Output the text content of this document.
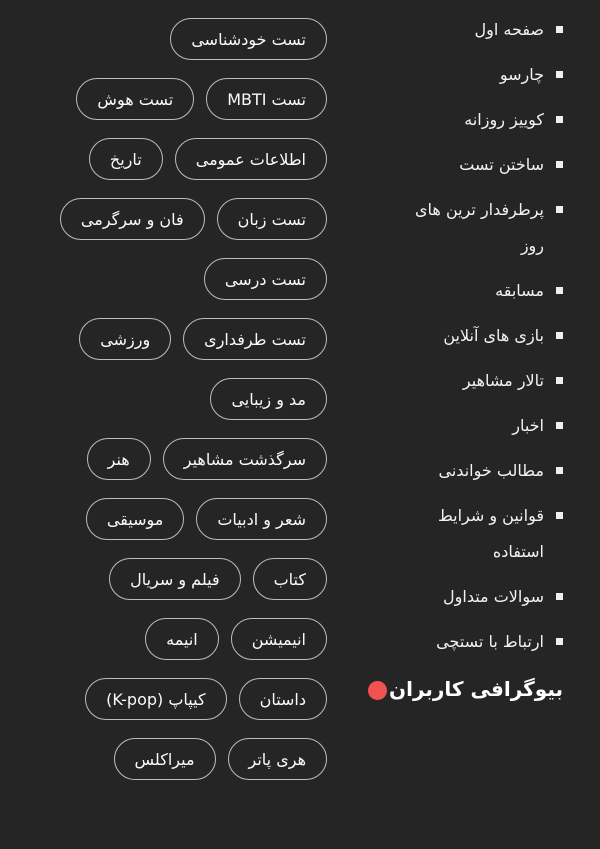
صفحه اول
چارسو
کوییز روزانه
ساختن تست
پرطرفدار ترین های
روز
مسابقه
بازی های آنلاین
تالار مشاهیر
اخبار
مطالب خواندنی
قوانین و شرایط
استفاده
سوالات متداول
ارتباط با تستچی
بیوگرافی کاربران
تست خودشناسی
تست MBTI
تست هوش
اطلاعات عمومی
تاریخ
تست زبان
فان و سرگرمی
تست درسی
تست طرفداری
ورزشی
مد و زیبایی
سرگذشت مشاهیر
هنر
شعر و ادبیات
موسیقی
کتاب
فیلم و سریال
انیمیشن
انیمه
داستان
کیپاپ (K-pop)
هری پاتر
میراکلس
